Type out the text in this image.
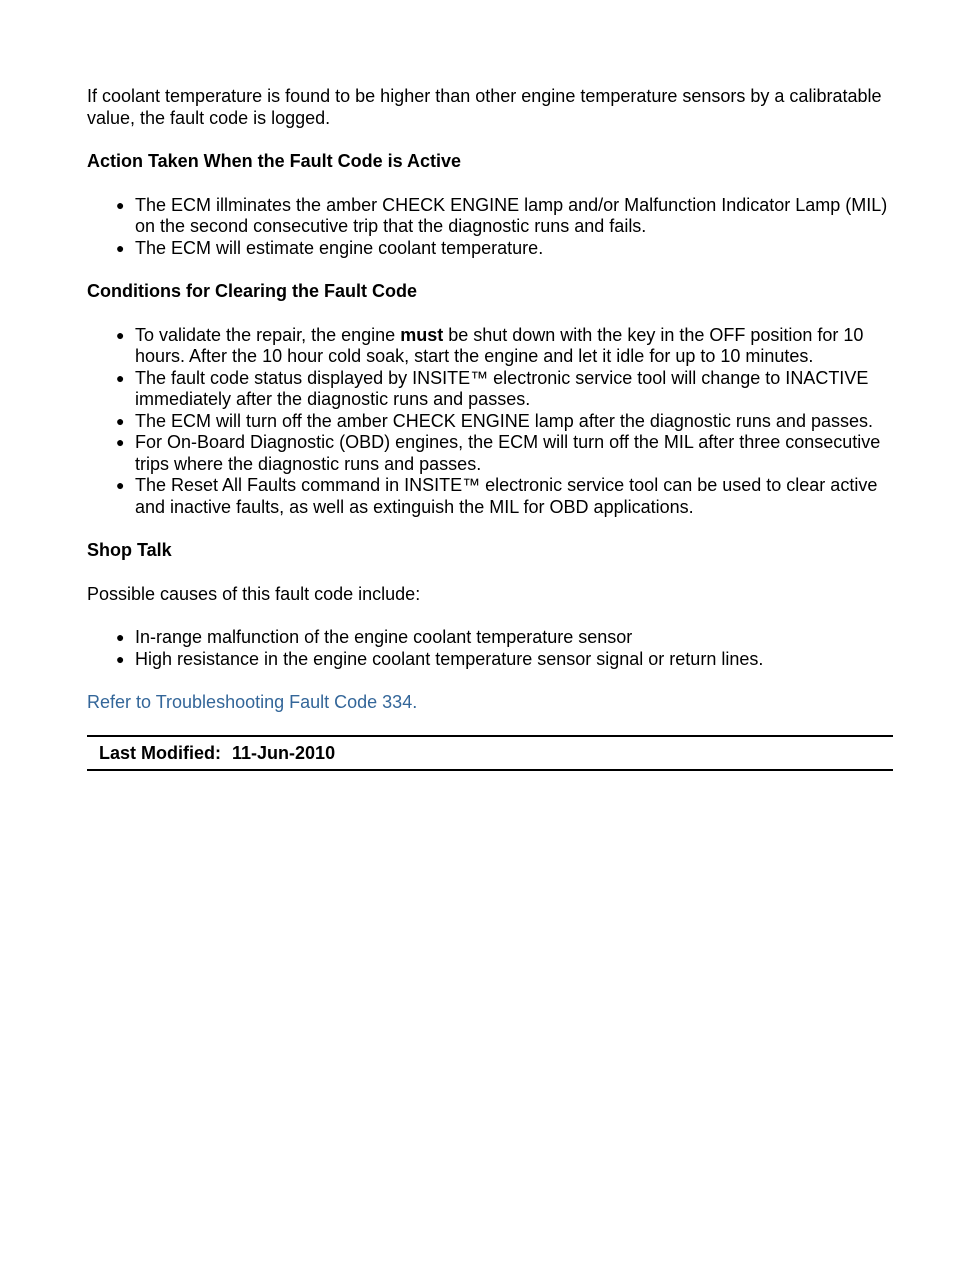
If coolant temperature is found to be higher than other engine temperature sensors by a calibratable value, the fault code is logged.

Action Taken When the Fault Code is Active
● The ECM illminates the amber CHECK ENGINE lamp and/or Malfunction Indicator Lamp (MIL) on the second consecutive trip that the diagnostic runs and fails.
● The ECM will estimate engine coolant temperature.
Conditions for Clearing the Fault Code
● To validate the repair, the engine must be shut down with the key in the OFF position for 10 hours. After the 10 hour cold soak, start the engine and let it idle for up to 10 minutes.
● The fault code status displayed by INSITE™ electronic service tool will change to INACTIVE immediately after the diagnostic runs and passes.
● The ECM will turn off the amber CHECK ENGINE lamp after the diagnostic runs and passes.
● For On-Board Diagnostic (OBD) engines, the ECM will turn off the MIL after three consecutive trips where the diagnostic runs and passes.
● The Reset All Faults command in INSITE™ electronic service tool can be used to clear active and inactive faults, as well as extinguish the MIL for OBD applications.
Shop Talk

Possible causes of this fault code include:

● In-range malfunction of the engine coolant temperature sensor
● High resistance in the engine coolant temperature sensor signal or return lines.
Refer to Troubleshooting Fault Code 334.
Last Modified: 11-Jun-2010
